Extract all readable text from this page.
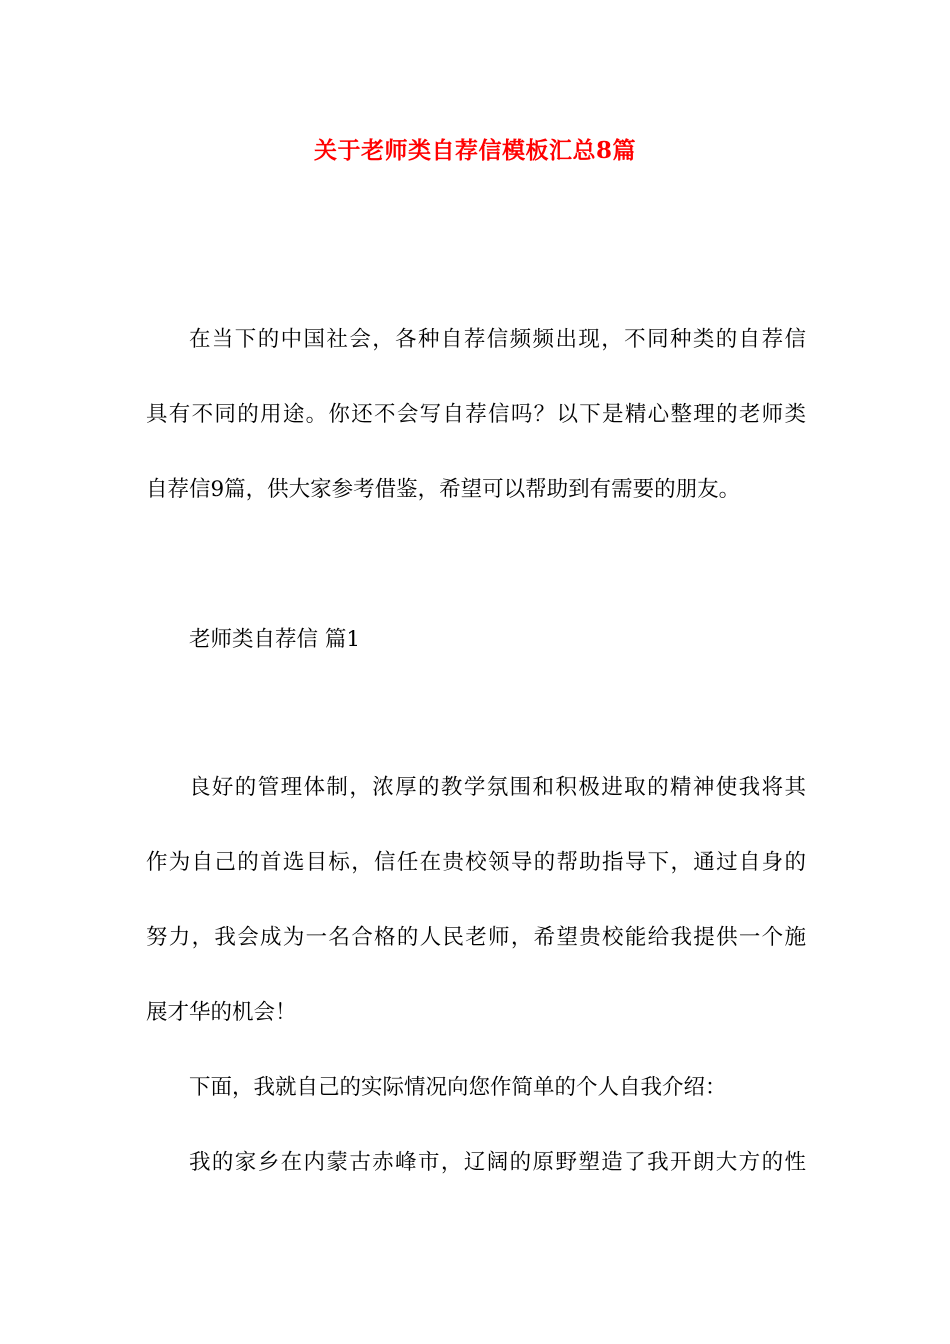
关于老师类自荐信模板汇总8篇
在当下的中国社会，各种自荐信频频出现，不同种类的自荐信
具有不同的用途。你还不会写自荐信吗？以下是精心整理的老师类
自荐信9篇，供大家参考借鉴，希望可以帮助到有需要的朋友。
老师类自荐信 篇1
良好的管理体制，浓厚的教学氛围和积极进取的精神使我将其
作为自己的首选目标，信任在贵校领导的帮助指导下，通过自身的
努力，我会成为一名合格的人民老师，希望贵校能给我提供一个施
展才华的机会！
下面，我就自己的实际情况向您作简单的个人自我介绍：
我的家乡在内蒙古赤峰市，辽阔的原野塑造了我开朗大方的性
